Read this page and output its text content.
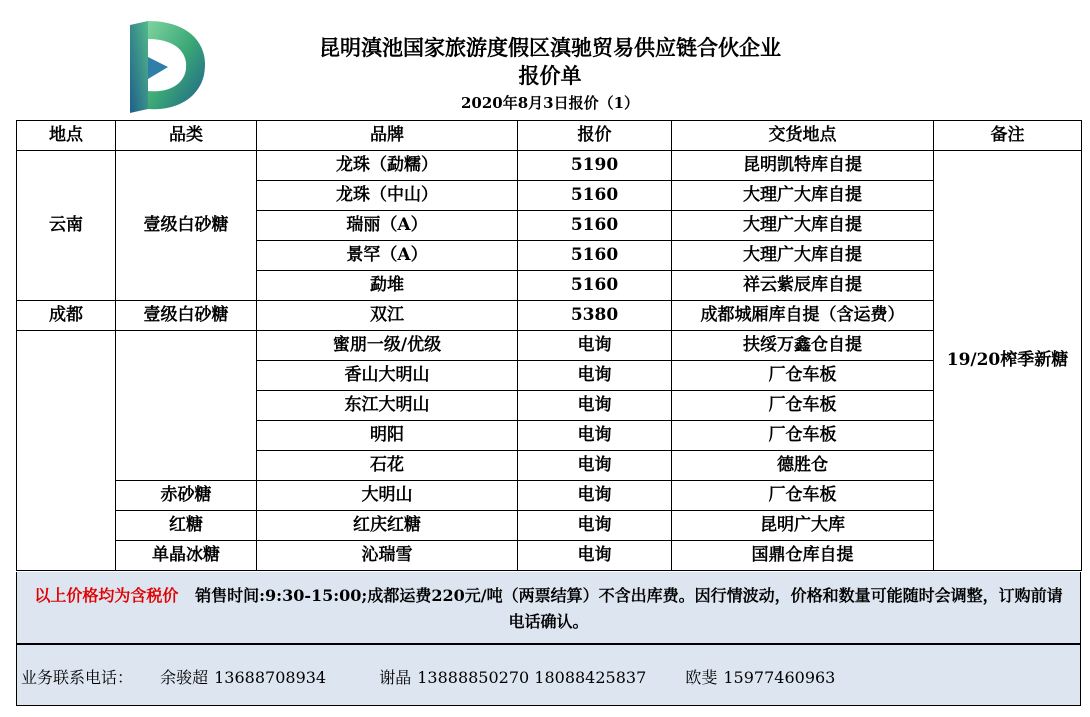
昆明滇池国家旅游度假区滇驰贸易供应链合伙企业
报价单
2020年8月3日报价（1）
地点	品类	品牌	报价	交货地点	备注
云南	壹级白砂糖	龙珠（勐糯）	5190	昆明凯特库自提	19/20榨季新糖
		龙珠（中山）	5160	大理广大库自提	
		瑞丽（A）	5160	大理广大库自提	
		景罕（A）	5160	大理广大库自提	
		勐堆	5160	祥云紫辰库自提	
成都	壹级白砂糖	双江	5380	成都城厢库自提（含运费）	
		蜜朋一级/优级	电询	扶绥万鑫仓自提	
		香山大明山	电询	厂仓车板	
		东江大明山	电询	厂仓车板	
		明阳	电询	厂仓车板	
		石花	电询	德胜仓	
	赤砂糖	大明山	电询	厂仓车板	
	红糖	红庆红糖	电询	昆明广大库	
	单晶冰糖	沁瑞雪	电询	国鼎仓库自提	
以上价格均为含税价 销售时间:9:30-15:00;成都运费220元/吨（两票结算）不含出库费。因行情波动，价格和数量可能随时会调整，订购前请电话确认。
业务联系电话： 余骏超 13688708934	谢晶 13888850270 18088425837 欧斐 15977460963
